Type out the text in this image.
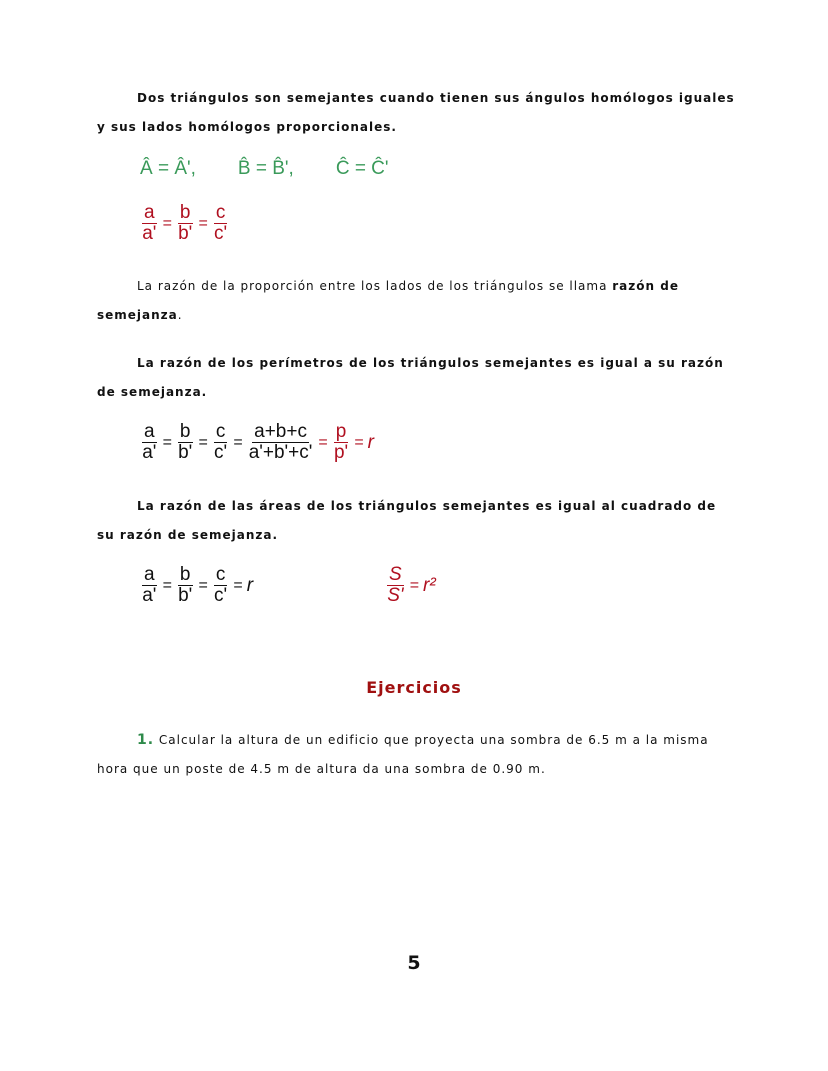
Dos triángulos son semejantes cuando tienen sus ángulos homólogos iguales y sus lados homólogos proporcionales.
Â = Â', B̂ = B̂', Ĉ = Ĉ'
$\frac{a}{a'} = \frac{b}{b'} = \frac{c}{c'}$
La razón de la proporción entre los lados de los triángulos se llama razón de semejanza.
La razón de los perímetros de los triángulos semejantes es igual a su razón de semejanza.
$\frac{a}{a'} = \frac{b}{b'} = \frac{c}{c'} = \frac{a+b+c}{a'+b'+c'} = \frac{p}{p'} = r$
La razón de las áreas de los triángulos semejantes es igual al cuadrado de su razón de semejanza.
$\frac{a}{a'} = \frac{b}{b'} = \frac{c}{c'} = r$	$\frac{S}{S'} = r^2$
Ejercicios
1. Calcular la altura de un edificio que proyecta una sombra de 6.5 m a la misma hora que un poste de 4.5 m de altura da una sombra de 0.90 m.
5
